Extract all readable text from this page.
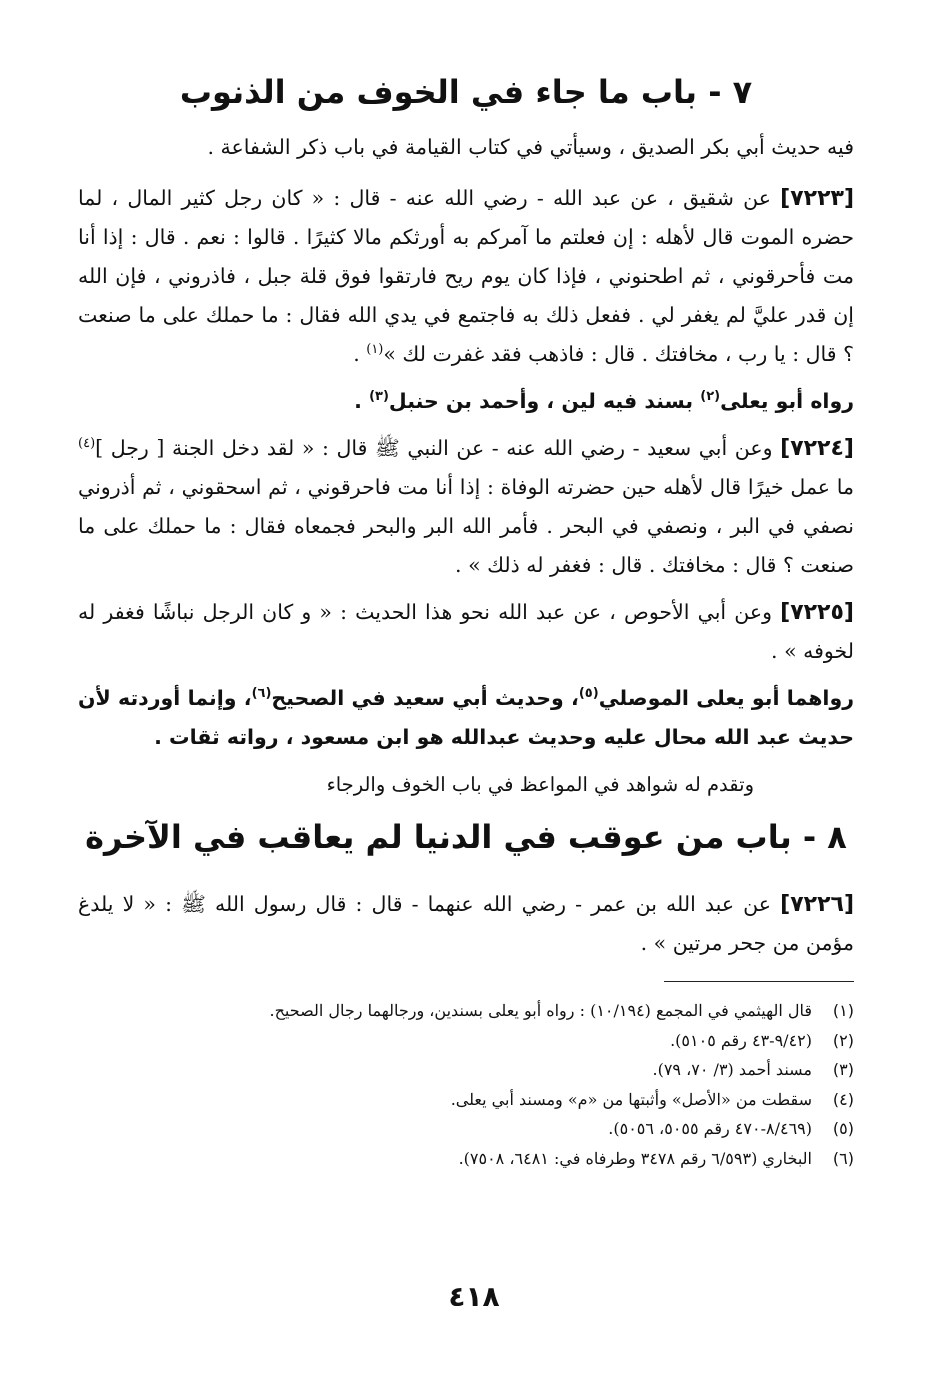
٧ - باب ما جاء في الخوف من الذنوب

فيه حديث أبي بكر الصديق ، وسيأتي في كتاب القيامة في باب ذكر الشفاعة .

[٧٢٢٣] عن شقيق ، عن عبد الله - رضي الله عنه - قال : « كان رجل كثير المال ، لما حضره الموت قال لأهله : إن فعلتم ما آمركم به أورثكم مالا كثيرًا . قالوا : نعم . قال : إذا أنا مت فأحرقوني ، ثم اطحنوني ، فإذا كان يوم ريح فارتقوا فوق قلة جبل ، فاذروني ، فإن الله إن قدر عليَّ لم يغفر لي . ففعل ذلك به فاجتمع في يدي الله فقال : ما حملك على ما صنعت ؟ قال : يا رب ، مخافتك . قال : فاذهب فقد غفرت لك »$^{(١)}$ .

رواه أبو يعلى$^{(٢)}$ بسند فيه لين ، وأحمد بن حنبل$^{(٣)}$ .

[٧٢٢٤] وعن أبي سعيد - رضي الله عنه - عن النبي ﷺ قال : « لقد دخل الجنة [ رجل ]$^{(٤)}$ ما عمل خيرًا قال لأهله حين حضرته الوفاة : إذا أنا مت فاحرقوني ، ثم اسحقوني ، ثم أذروني نصفي في البر ، ونصفي في البحر . فأمر الله البر والبحر فجمعاه فقال : ما حملك على ما صنعت ؟ قال : مخافتك . قال : فغفر له ذلك » .

[٧٢٢٥] وعن أبي الأحوص ، عن عبد الله نحو هذا الحديث : « و كان الرجل نباشًا فغفر له لخوفه » .

رواهما أبو يعلى الموصلي$^{(٥)}$، وحديث أبي سعيد في الصحيح$^{(٦)}$، وإنما أوردته لأن حديث عبد الله محال عليه وحديث عبدالله هو ابن مسعود ، رواته ثقات .

وتقدم له شواهد في المواعظ في باب الخوف والرجاء

٨ - باب من عوقب في الدنيا لم يعاقب في الآخرة

[٧٢٢٦] عن عبد الله بن عمر - رضي الله عنهما - قال : قال رسول الله ﷺ : « لا يلدغ مؤمن من جحر مرتين » .

(١)
قال الهيثمي في المجمع (١٠/١٩٤) : رواه أبو يعلى بسندين، ورجالهما رجال الصحيح.
(٢)
(٩/٤٢-٤٣ رقم ٥١٠٥).
(٣)
مسند أحمد (٣/ ٧٠، ٧٩).
(٤)
سقطت من «الأصل» وأثبتها من «م» ومسند أبي يعلى.
(٥)
(٨/٤٦٩-٤٧٠ رقم ٥٠٥٥، ٥٠٥٦).
(٦)
البخاري (٦/٥٩٣ رقم ٣٤٧٨ وطرفاه في: ٦٤٨١، ٧٥٠٨).
٤١٨
